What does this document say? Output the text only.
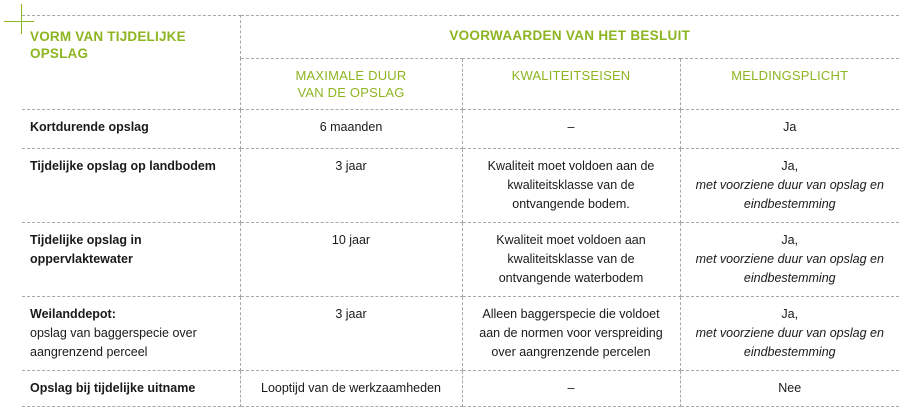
VORM VAN TIJDELIJKE OPSLAG	VOORWAARDEN VAN HET BESLUIT		

	MAXIMALE DUUR
VAN DE OPSLAG	KWALITEITSEISEN	MELDINGSPLICHT
Kortdurende opslag	6 maanden	–	Ja
Tijdelijke opslag op landbodem	3 jaar	Kwaliteit moet voldoen aan de
kwaliteitsklasse van de
ontvangende bodem.	Ja,
met voorziene duur van opslag en
eindbestemming

Tijdelijke opslag in
oppervlaktewater	10 jaar	Kwaliteit moet voldoen aan
kwaliteitsklasse van de
ontvangende waterbodem	Ja,
met voorziene duur van opslag en
eindbestemming

Weilanddepot:
opslag van baggerspecie over
aangrenzend perceel	3 jaar	Alleen baggerspecie die voldoet
aan de normen voor verspreiding
over aangrenzende percelen	Ja,
met voorziene duur van opslag en
eindbestemming

Opslag bij tijdelijke uitname	Looptijd van de werkzaamheden	–	Nee
